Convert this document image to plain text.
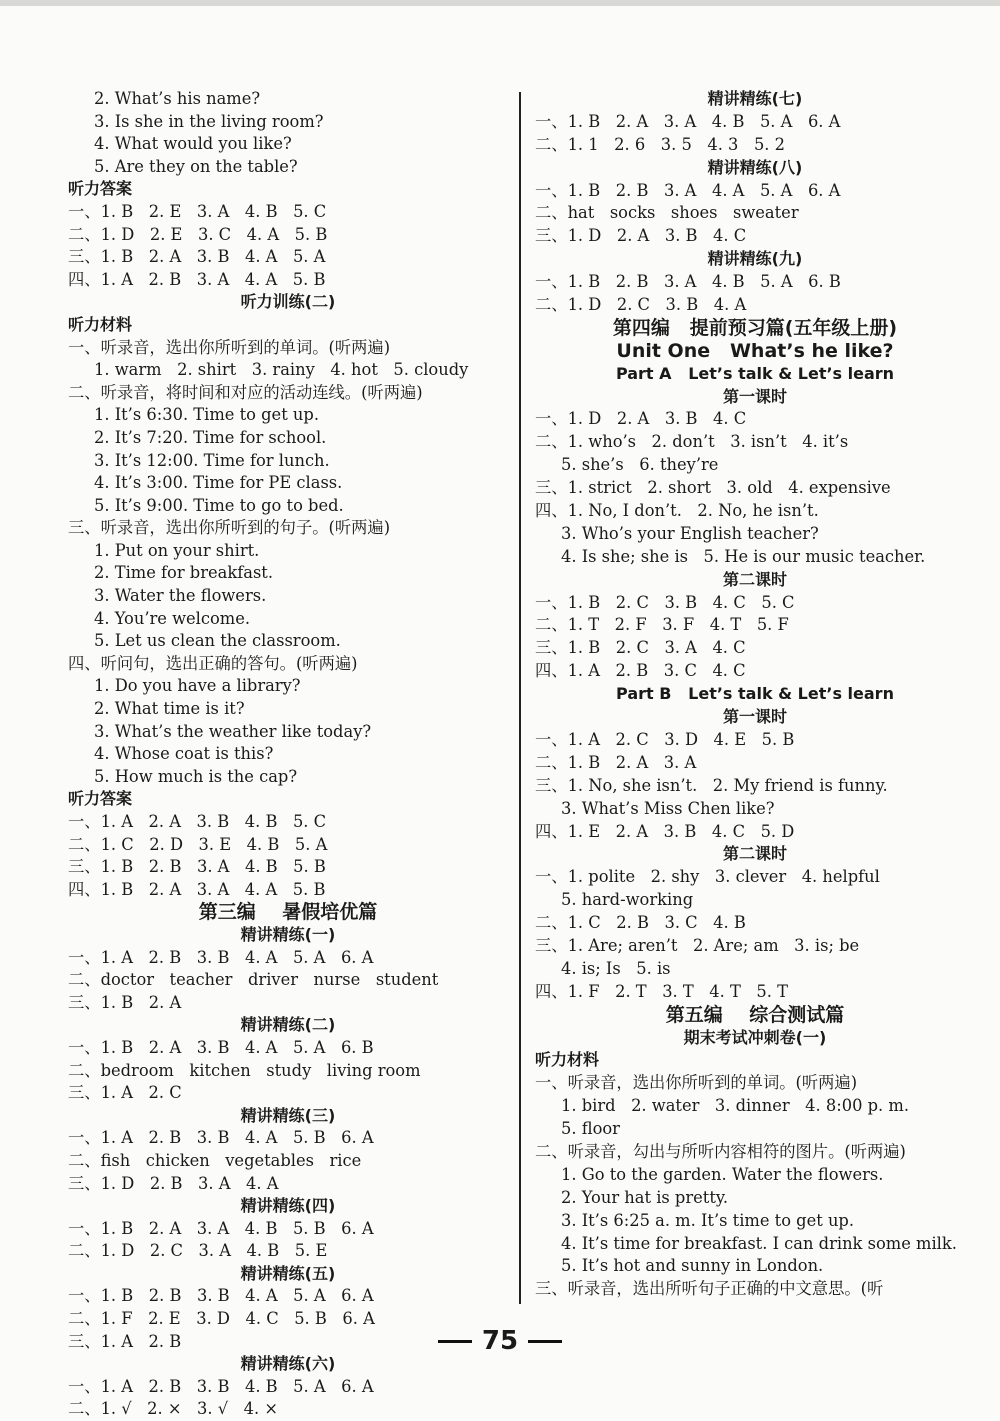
2. What’s his name?
3. Is she in the living room?
4. What would you like?
5. Are they on the table?
听力答案
一、1. B   2. E   3. A   4. B   5. C
二、1. D   2. E   3. C   4. A   5. B
三、1. B   2. A   3. B   4. A   5. A
四、1. A   2. B   3. A   4. A   5. B
听力训练(二)
听力材料
一、听录音，选出你所听到的单词。(听两遍)
1. warm   2. shirt   3. rainy   4. hot   5. cloudy
二、听录音，将时间和对应的活动连线。(听两遍)
1. It’s 6:30. Time to get up.
2. It’s 7:20. Time for school.
3. It’s 12:00. Time for lunch.
4. It’s 3:00. Time for PE class.
5. It’s 9:00. Time to go to bed.
三、听录音，选出你所听到的句子。(听两遍)
1. Put on your shirt.
2. Time for breakfast.
3. Water the flowers.
4. You’re welcome.
5. Let us clean the classroom.
四、听问句，选出正确的答句。(听两遍)
1. Do you have a library?
2. What time is it?
3. What’s the weather like today?
4. Whose coat is this?
5. How much is the cap?
听力答案
一、1. A   2. A   3. B   4. B   5. C
二、1. C   2. D   3. E   4. B   5. A
三、1. B   2. B   3. A   4. B   5. B
四、1. B   2. A   3. A   4. A   5. B
第三编    暑假培优篇
精讲精练(一)
一、1. A   2. B   3. B   4. A   5. A   6. A
二、doctor   teacher   driver   nurse   student
三、1. B   2. A
精讲精练(二)
一、1. B   2. A   3. B   4. A   5. A   6. B
二、bedroom   kitchen   study   living room
三、1. A   2. C
精讲精练(三)
一、1. A   2. B   3. B   4. A   5. B   6. A
二、fish   chicken   vegetables   rice
三、1. D   2. B   3. A   4. A
精讲精练(四)
一、1. B   2. A   3. A   4. B   5. B   6. A
二、1. D   2. C   3. A   4. B   5. E
精讲精练(五)
一、1. B   2. B   3. B   4. A   5. A   6. A
二、1. F   2. E   3. D   4. C   5. B   6. A
三、1. A   2. B
精讲精练(六)
一、1. A   2. B   3. B   4. B   5. A   6. A
二、1. √   2. ×   3. √   4. ×
精讲精练(七)
一、1. B   2. A   3. A   4. B   5. A   6. A
二、1. 1   2. 6   3. 5   4. 3   5. 2
精讲精练(八)
一、1. B   2. B   3. A   4. A   5. A   6. A
二、hat   socks   shoes   sweater
三、1. D   2. A   3. B   4. C
精讲精练(九)
一、1. B   2. B   3. A   4. B   5. A   6. B
二、1. D   2. C   3. B   4. A
第四编   提前预习篇(五年级上册)
Unit One   What’s he like?
Part A   Let’s talk & Let’s learn
第一课时
一、1. D   2. A   3. B   4. C
二、1. who’s   2. don’t   3. isn’t   4. it’s
5. she’s   6. they’re
三、1. strict   2. short   3. old   4. expensive
四、1. No, I don’t.   2. No, he isn’t.
3. Who’s your English teacher?
4. Is she; she is   5. He is our music teacher.
第二课时
一、1. B   2. C   3. B   4. C   5. C
二、1. T   2. F   3. F   4. T   5. F
三、1. B   2. C   3. A   4. C
四、1. A   2. B   3. C   4. C
Part B   Let’s talk & Let’s learn
第一课时
一、1. A   2. C   3. D   4. E   5. B
二、1. B   2. A   3. A
三、1. No, she isn’t.   2. My friend is funny.
3. What’s Miss Chen like?
四、1. E   2. A   3. B   4. C   5. D
第二课时
一、1. polite   2. shy   3. clever   4. helpful
5. hard-working
二、1. C   2. B   3. C   4. B
三、1. Are; aren’t   2. Are; am   3. is; be
4. is; Is   5. is
四、1. F   2. T   3. T   4. T   5. T
第五编    综合测试篇
期末考试冲刺卷(一)
听力材料
一、听录音，选出你所听到的单词。(听两遍)
1. bird   2. water   3. dinner   4. 8:00 p. m.
5. floor
二、听录音，勾出与所听内容相符的图片。(听两遍)
1. Go to the garden. Water the flowers.
2. Your hat is pretty.
3. It’s 6:25 a. m. It’s time to get up.
4. It’s time for breakfast. I can drink some milk.
5. It’s hot and sunny in London.
三、听录音，选出所听句子正确的中文意思。(听
75
